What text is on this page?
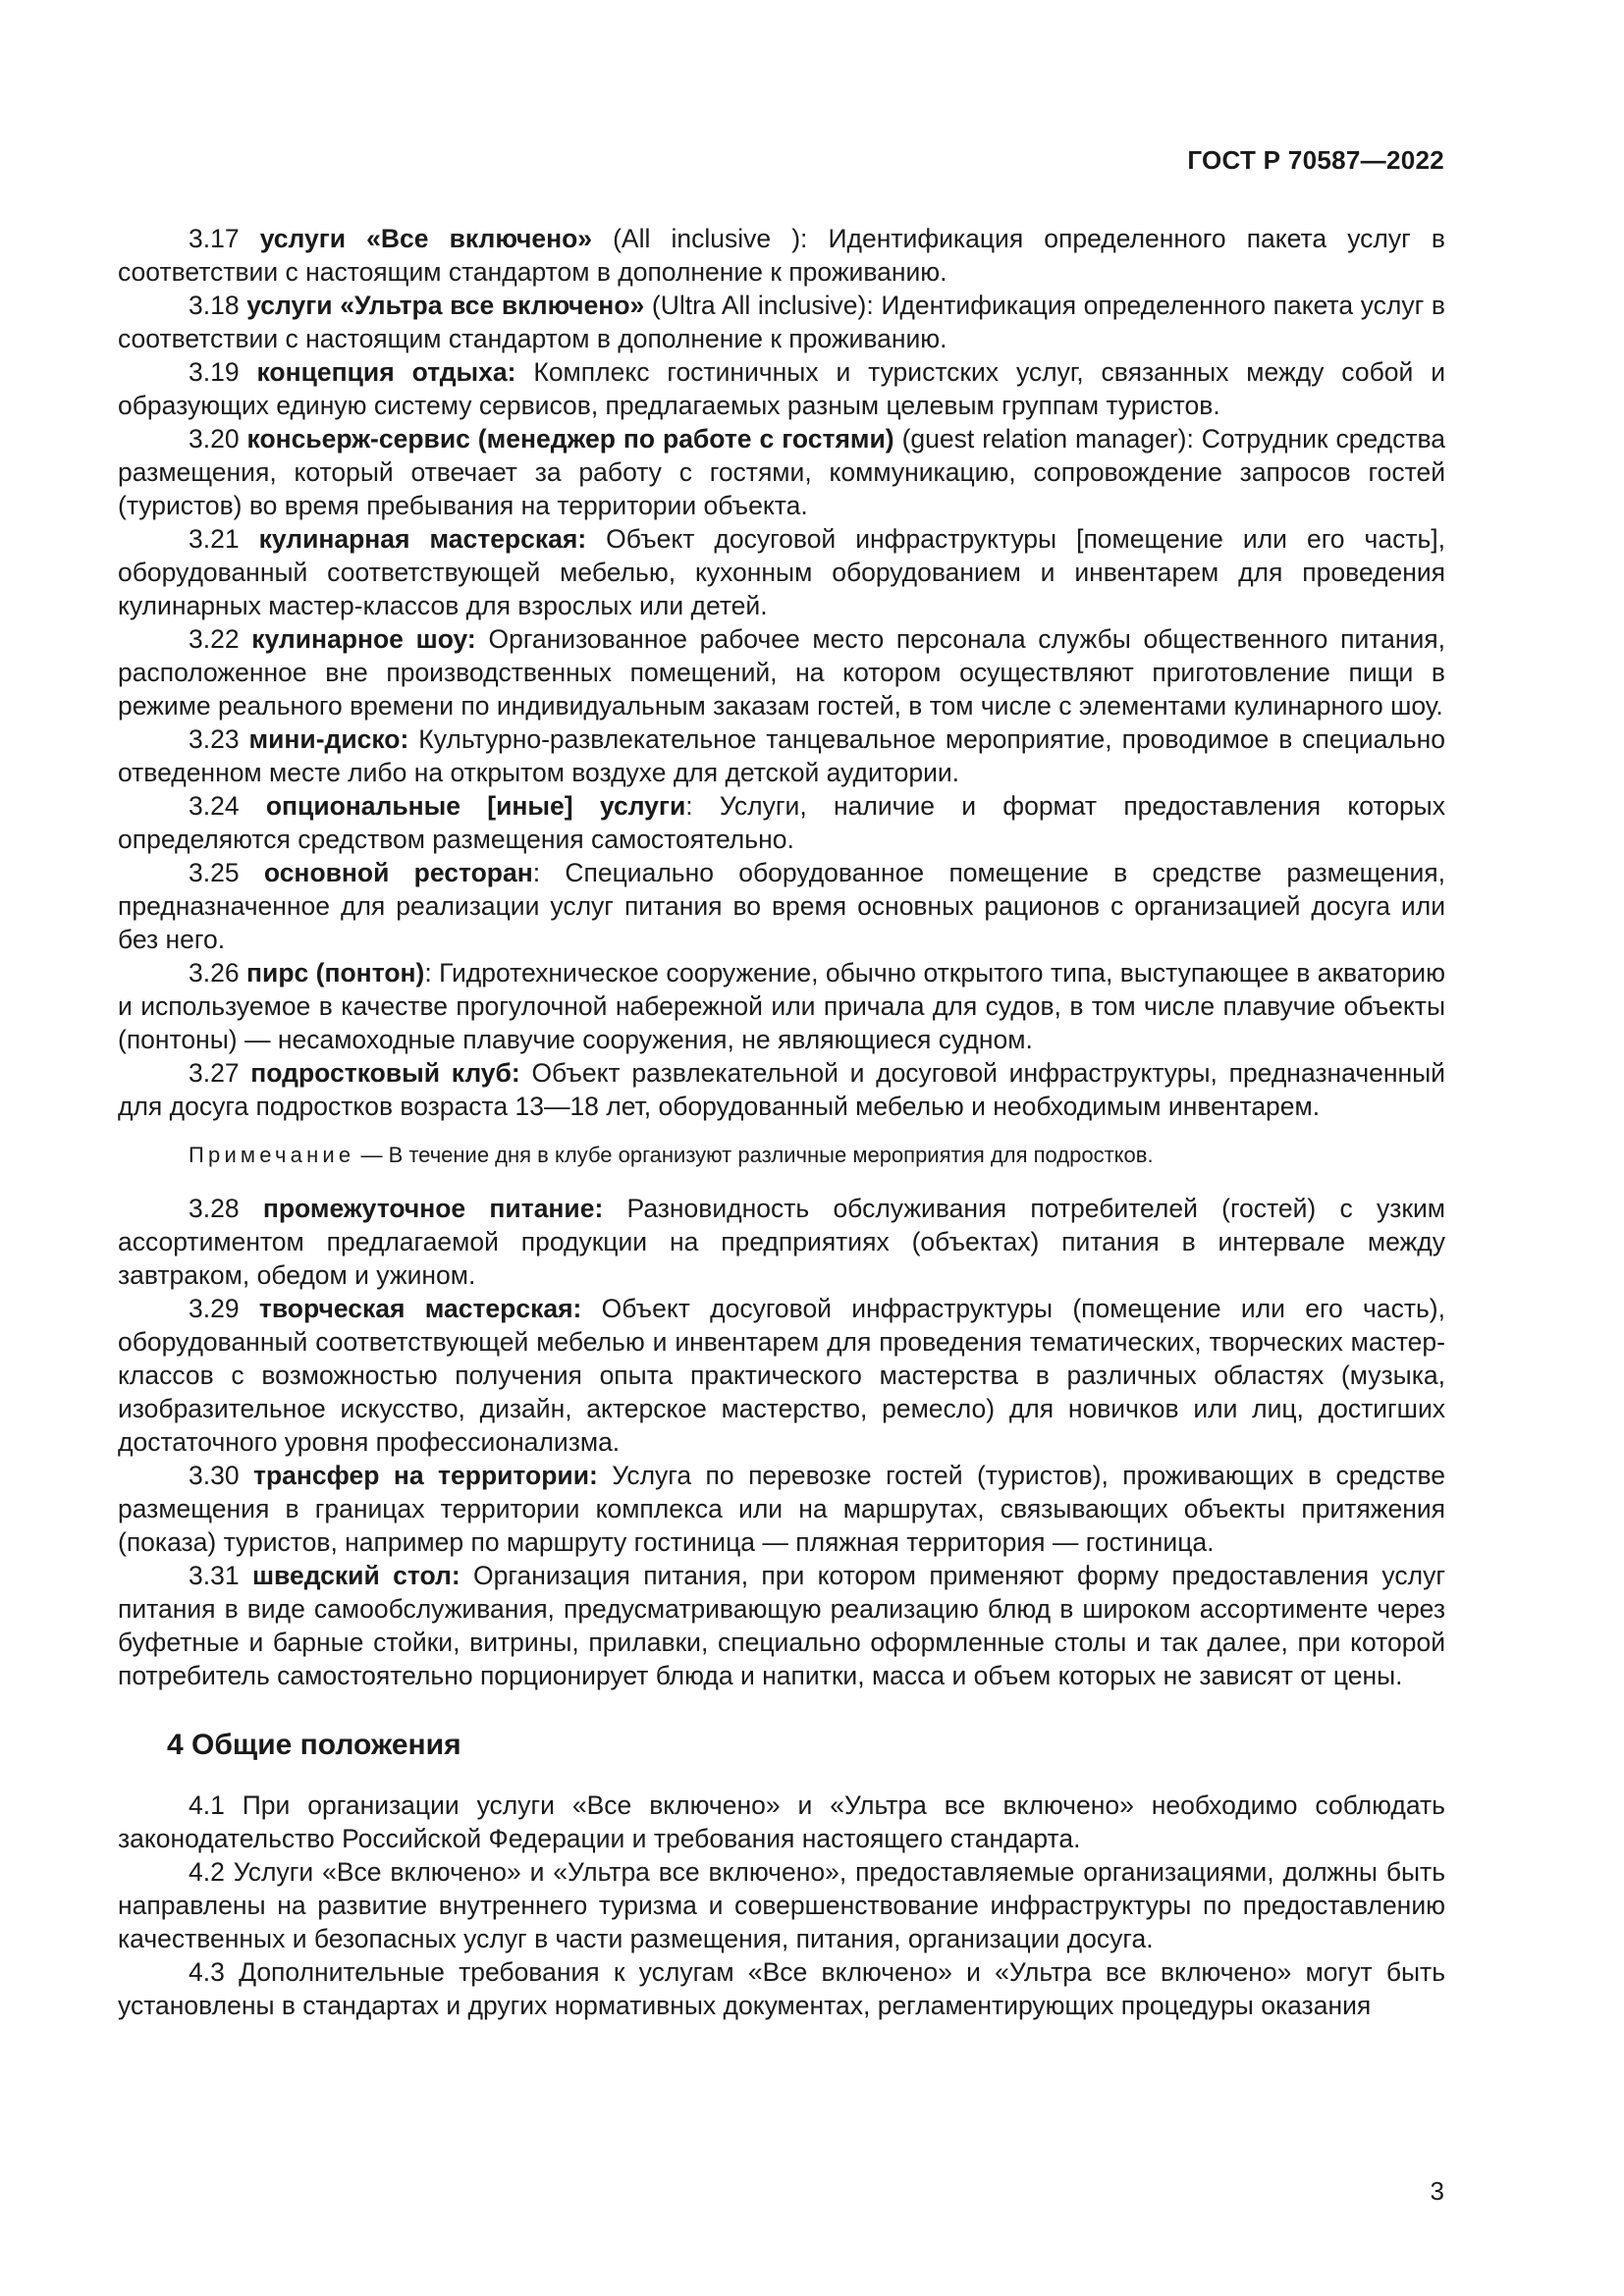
ГОСТ Р 70587—2022

3.17 услуги «Все включено» (All inclusive ): Идентификация определенного пакета услуг в соответствии с настоящим стандартом в дополнение к проживанию.

3.18 услуги «Ультра все включено» (Ultra All inclusive): Идентификация определенного пакета услуг в соответствии с настоящим стандартом в дополнение к проживанию.

3.19 концепция отдыха: Комплекс гостиничных и туристских услуг, связанных между собой и образующих единую систему сервисов, предлагаемых разным целевым группам туристов.

3.20 консьерж-сервис (менеджер по работе с гостями) (guest relation manager): Сотрудник средства размещения, который отвечает за работу с гостями, коммуникацию, сопровождение запросов гостей (туристов) во время пребывания на территории объекта.

3.21 кулинарная мастерская: Объект досуговой инфраструктуры [помещение или его часть], оборудованный соответствующей мебелью, кухонным оборудованием и инвентарем для проведения кулинарных мастер-классов для взрослых или детей.

3.22 кулинарное шоу: Организованное рабочее место персонала службы общественного питания, расположенное вне производственных помещений, на котором осуществляют приготовление пищи в режиме реального времени по индивидуальным заказам гостей, в том числе с элементами кулинарного шоу.

3.23 мини-диско: Культурно-развлекательное танцевальное мероприятие, проводимое в специально отведенном месте либо на открытом воздухе для детской аудитории.

3.24 опциональные [иные] услуги: Услуги, наличие и формат предоставления которых определяются средством размещения самостоятельно.

3.25 основной ресторан: Специально оборудованное помещение в средстве размещения, предназначенное для реализации услуг питания во время основных рационов с организацией досуга или без него.

3.26 пирс (понтон): Гидротехническое сооружение, обычно открытого типа, выступающее в акваторию и используемое в качестве прогулочной набережной или причала для судов, в том числе плавучие объекты (понтоны) — несамоходные плавучие сооружения, не являющиеся судном.

3.27 подростковый клуб: Объект развлекательной и досуговой инфраструктуры, предназначенный для досуга подростков возраста 13—18 лет, оборудованный мебелью и необходимым инвентарем.

Примечание — В течение дня в клубе организуют различные мероприятия для подростков.

3.28 промежуточное питание: Разновидность обслуживания потребителей (гостей) с узким ассортиментом предлагаемой продукции на предприятиях (объектах) питания в интервале между завтраком, обедом и ужином.

3.29 творческая мастерская: Объект досуговой инфраструктуры (помещение или его часть), оборудованный соответствующей мебелью и инвентарем для проведения тематических, творческих мастер-классов с возможностью получения опыта практического мастерства в различных областях (музыка, изобразительное искусство, дизайн, актерское мастерство, ремесло) для новичков или лиц, достигших достаточного уровня профессионализма.

3.30 трансфер на территории: Услуга по перевозке гостей (туристов), проживающих в средстве размещения в границах территории комплекса или на маршрутах, связывающих объекты притяжения (показа) туристов, например по маршруту гостиница — пляжная территория — гостиница.

3.31 шведский стол: Организация питания, при котором применяют форму предоставления услуг питания в виде самообслуживания, предусматривающую реализацию блюд в широком ассортименте через буфетные и барные стойки, витрины, прилавки, специально оформленные столы и так далее, при которой потребитель самостоятельно порционирует блюда и напитки, масса и объем которых не зависят от цены.

4 Общие положения

4.1 При организации услуги «Все включено» и «Ультра все включено» необходимо соблюдать законодательство Российской Федерации и требования настоящего стандарта.

4.2 Услуги «Все включено» и «Ультра все включено», предоставляемые организациями, должны быть направлены на развитие внутреннего туризма и совершенствование инфраструктуры по предоставлению качественных и безопасных услуг в части размещения, питания, организации досуга.

4.3 Дополнительные требования к услугам «Все включено» и «Ультра все включено» могут быть установлены в стандартах и других нормативных документах, регламентирующих процедуры оказания

3
